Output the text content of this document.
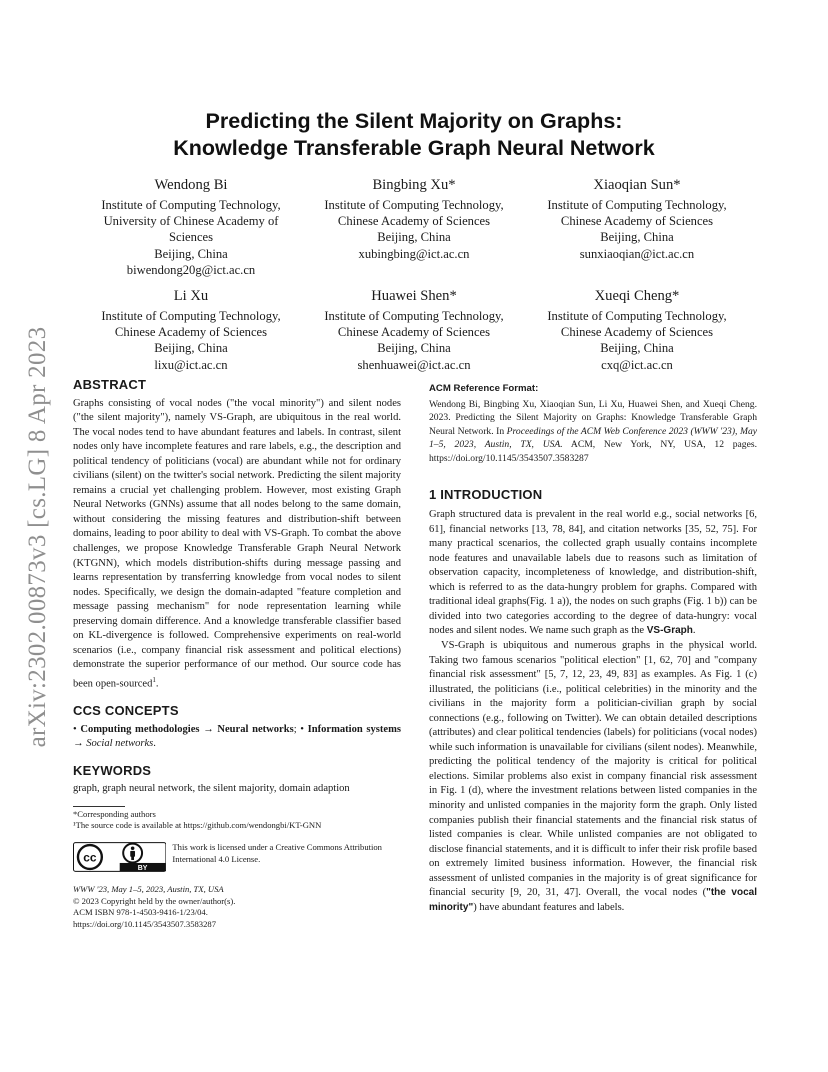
arXiv:2302.00873v3 [cs.LG] 8 Apr 2023
Predicting the Silent Majority on Graphs:
Knowledge Transferable Graph Neural Network
Wendong Bi
Institute of Computing Technology,
University of Chinese Academy of
Sciences
Beijing, China
biwendong20g@ict.ac.cn
Bingbing Xu*
Institute of Computing Technology,
Chinese Academy of Sciences
Beijing, China
xubingbing@ict.ac.cn
Xiaoqian Sun*
Institute of Computing Technology,
Chinese Academy of Sciences
Beijing, China
sunxiaoqian@ict.ac.cn
Li Xu
Institute of Computing Technology,
Chinese Academy of Sciences
Beijing, China
lixu@ict.ac.cn
Huawei Shen*
Institute of Computing Technology,
Chinese Academy of Sciences
Beijing, China
shenhuawei@ict.ac.cn
Xueqi Cheng*
Institute of Computing Technology,
Chinese Academy of Sciences
Beijing, China
cxq@ict.ac.cn
ABSTRACT
Graphs consisting of vocal nodes ("the vocal minority") and silent nodes ("the silent majority"), namely VS-Graph, are ubiquitous in the real world. The vocal nodes tend to have abundant features and labels. In contrast, silent nodes only have incomplete features and rare labels, e.g., the description and political tendency of politicians (vocal) are abundant while not for ordinary civilians (silent) on the twitter's social network. Predicting the silent majority remains a crucial yet challenging problem. However, most existing Graph Neural Networks (GNNs) assume that all nodes belong to the same domain, without considering the missing features and distribution-shift between domains, leading to poor ability to deal with VS-Graph. To combat the above challenges, we propose Knowledge Transferable Graph Neural Network (KTGNN), which models distribution-shifts during message passing and learns representation by transferring knowledge from vocal nodes to silent nodes. Specifically, we design the domain-adapted "feature completion and message passing mechanism" for node representation learning while preserving domain difference. And a knowledge transferable classifier based on KL-divergence is followed. Comprehensive experiments on real-world scenarios (i.e., company financial risk assessment and political elections) demonstrate the superior performance of our method. Our source code has been open-sourced$^1$.
CCS CONCEPTS
• Computing methodologies → Neural networks; • Information systems → Social networks.
KEYWORDS
graph, graph neural network, the silent majority, domain adaption
*Corresponding authors
¹The source code is available at https://github.com/wendongbi/KT-GNN
cc
BY
This work is licensed under a Creative Commons Attribution International 4.0 License.
WWW '23, May 1–5, 2023, Austin, TX, USA
© 2023 Copyright held by the owner/author(s).
ACM ISBN 978-1-4503-9416-1/23/04.
https://doi.org/10.1145/3543507.3583287
ACM Reference Format:
Wendong Bi, Bingbing Xu, Xiaoqian Sun, Li Xu, Huawei Shen, and Xueqi Cheng. 2023. Predicting the Silent Majority on Graphs: Knowledge Transferable Graph Neural Network. In Proceedings of the ACM Web Conference 2023 (WWW '23), May 1–5, 2023, Austin, TX, USA. ACM, New York, NY, USA, 12 pages. https://doi.org/10.1145/3543507.3583287
1 INTRODUCTION
Graph structured data is prevalent in the real world e.g., social networks [6, 61], financial networks [13, 78, 84], and citation networks [35, 52, 75]. For many practical scenarios, the collected graph usually contains incomplete node features and unavailable labels due to reasons such as limitation of observation capacity, incompleteness of knowledge, and distribution-shift, which is referred to as the data-hungry problem for graphs. Compared with traditional ideal graphs(Fig. 1 a)), the nodes on such graphs (Fig. 1 b)) can be divided into two categories according to the degree of data-hungry: vocal nodes and silent nodes. We name such graph as the VS-Graph.
VS-Graph is ubiquitous and numerous graphs in the physical world. Taking two famous scenarios "political election" [1, 62, 70] and "company financial risk assessment" [5, 7, 12, 23, 49, 83] as examples. As Fig. 1 (c) illustrated, the politicians (i.e., political celebrities) in the minority and the civilians in the majority form a politician-civilian graph by social connections (e.g., following on Twitter). We can obtain detailed descriptions (attributes) and clear political tendencies (labels) for politicians (vocal nodes) while such information is unavailable for civilians (silent nodes). Meanwhile, predicting the political tendency of the majority is critical for political elections. Similar problems also exist in company financial risk assessment in Fig. 1 (d), where the investment relations between listed companies in the minority and unlisted companies in the majority form the graph. Only listed companies publish their financial statements and the financial risk status of listed companies is clear. While unlisted companies are not obligated to disclose financial statements, and it is difficult to infer their risk profile based on extremely limited business information. However, the financial risk assessment of unlisted companies in the majority is of great significance for financial security [9, 20, 31, 47]. Overall, the vocal nodes ("the vocal minority") have abundant features and labels.
